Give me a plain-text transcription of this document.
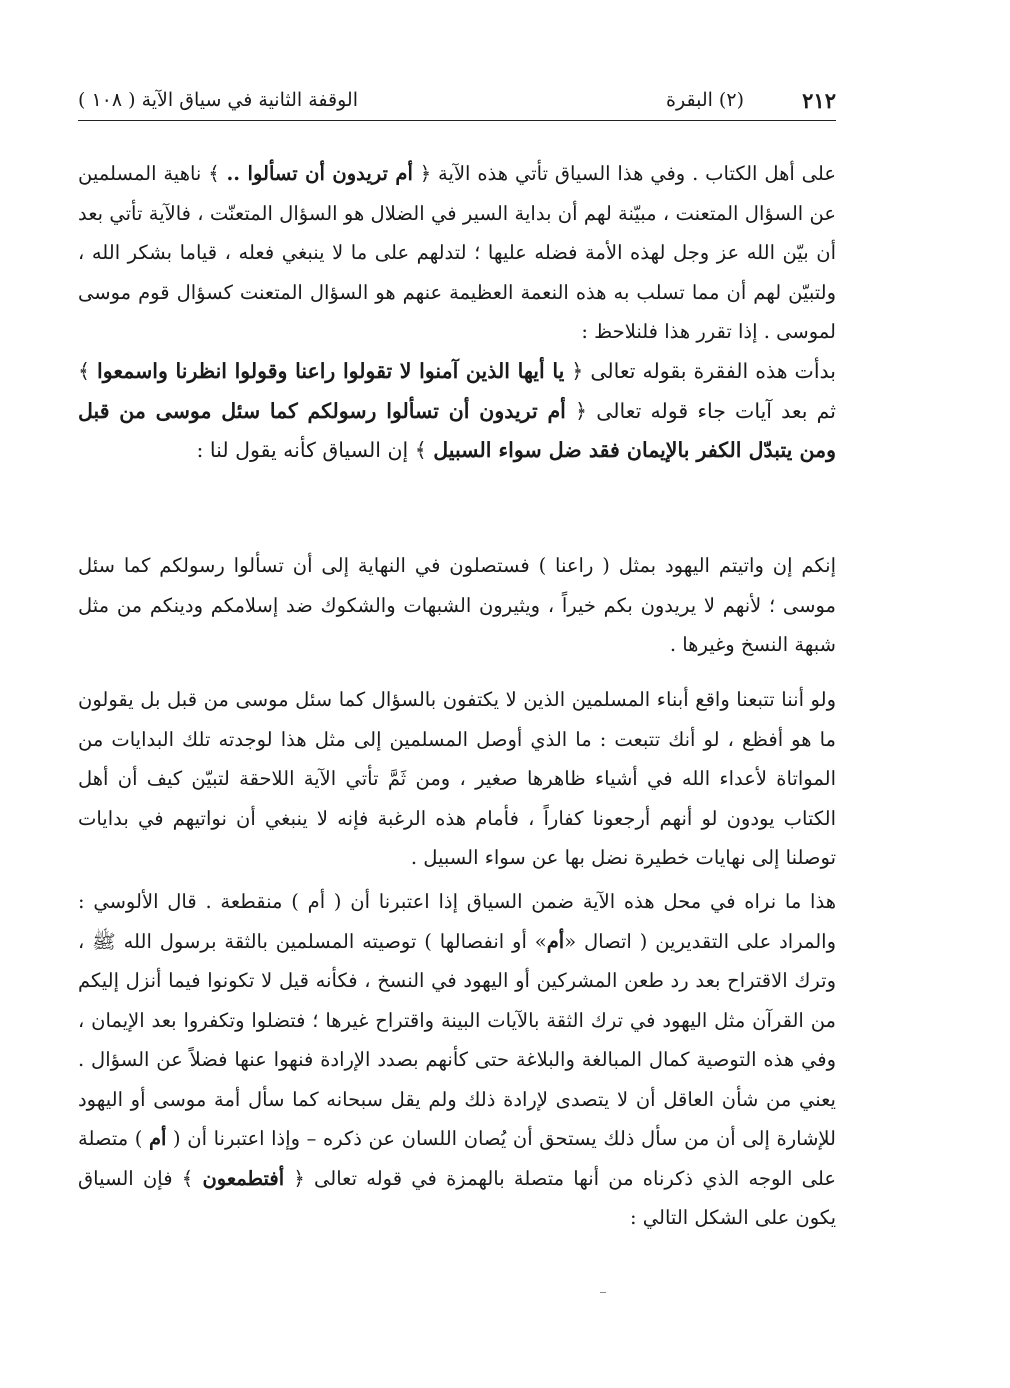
٢١٢
(٢) البقرة
الوقفة الثانية في سياق الآية ( ١٠٨ )

على أهل الكتاب . وفي هذا السياق تأتي هذه الآية ﴿ أم تريدون أن تسألوا .. ﴾ ناهية المسلمين عن السؤال المتعنت ، مبيّنة لهم أن بداية السير في الضلال هو السؤال المتعنّت ، فالآية تأتي بعد أن بيّن الله عز وجل لهذه الأمة فضله عليها ؛ لتدلهم على ما لا ينبغي فعله ، قياما بشكر الله ، ولتبيّن لهم أن مما تسلب به هذه النعمة العظيمة عنهم هو السؤال المتعنت كسؤال قوم موسى لموسى . إذا تقرر هذا فلنلاحظ :

بدأت هذه الفقرة بقوله تعالى ﴿ يا أيها الذين آمنوا لا تقولوا راعنا وقولوا انظرنا واسمعوا ﴾ ثم بعد آيات جاء قوله تعالى ﴿ أم تريدون أن تسألوا رسولكم كما سئل موسى من قبل ومن يتبدّل الكفر بالإيمان فقد ضل سواء السبيل ﴾ إن السياق كأنه يقول لنا :

إنكم إن واتيتم اليهود بمثل ( راعنا ) فستصلون في النهاية إلى أن تسألوا رسولكم كما سئل موسى ؛ لأنهم لا يريدون بكم خيراً ، ويثيرون الشبهات والشكوك ضد إسلامكم ودينكم من مثل شبهة النسخ وغيرها .

ولو أننا تتبعنا واقع أبناء المسلمين الذين لا يكتفون بالسؤال كما سئل موسى من قبل بل يقولون ما هو أفظع ، لو أنك تتبعت : ما الذي أوصل المسلمين إلى مثل هذا لوجدته تلك البدايات من المواتاة لأعداء الله في أشياء ظاهرها صغير ، ومن ثَمَّ تأتي الآية اللاحقة لتبيّن كيف أن أهل الكتاب يودون لو أنهم أرجعونا كفاراً ، فأمام هذه الرغبة فإنه لا ينبغي أن نواتيهم في بدايات توصلنا إلى نهايات خطيرة نضل بها عن سواء السبيل .

هذا ما نراه في محل هذه الآية ضمن السياق إذا اعتبرنا أن ( أم ) منقطعة . قال الألوسي : والمراد على التقديرين ( اتصال «أم» أو انفصالها ) توصيته المسلمين بالثقة برسول الله ﷺ ، وترك الاقتراح بعد رد طعن المشركين أو اليهود في النسخ ، فكأنه قيل لا تكونوا فيما أنزل إليكم من القرآن مثل اليهود في ترك الثقة بالآيات البينة واقتراح غيرها ؛ فتضلوا وتكفروا بعد الإيمان ، وفي هذه التوصية كمال المبالغة والبلاغة حتى كأنهم بصدد الإرادة فنهوا عنها فضلاً عن السؤال . يعني من شأن العاقل أن لا يتصدى لإرادة ذلك ولم يقل سبحانه كما سأل أمة موسى أو اليهود للإشارة إلى أن من سأل ذلك يستحق أن يُصان اللسان عن ذكره – وإذا اعتبرنا أن ( أم ) متصلة على الوجه الذي ذكرناه من أنها متصلة بالهمزة في قوله تعالى ﴿ أفتطمعون ﴾ فإن السياق يكون على الشكل التالي :
